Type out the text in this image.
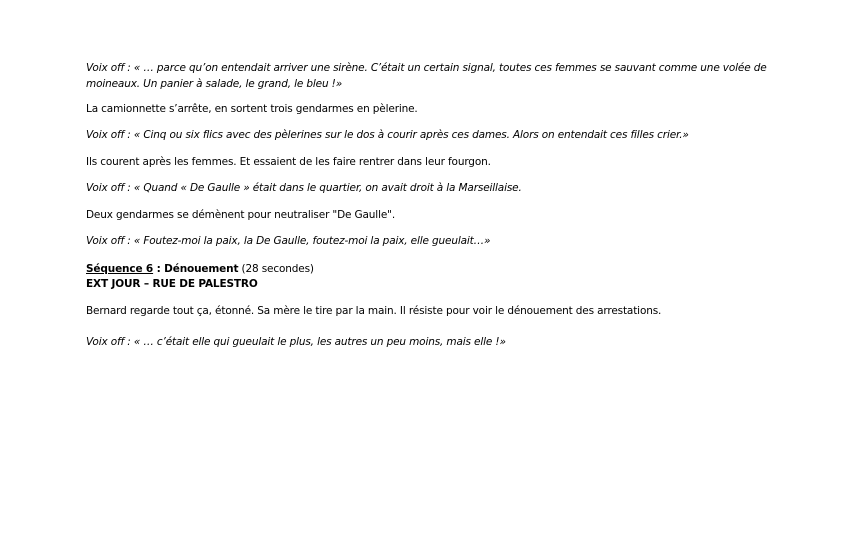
Voix off : « … parce qu’on entendait arriver une sirène. C’était un certain signal, toutes ces femmes se sauvant comme une volée de moineaux. Un panier à salade, le grand, le bleu !»
La camionnette s’arrête, en sortent trois gendarmes en pèlerine.
Voix off : « Cinq ou six flics avec des pèlerines sur le dos à courir après ces dames. Alors on entendait ces filles crier.»
Ils courent après les femmes. Et essaient de les faire rentrer dans leur fourgon.
Voix off : « Quand « De Gaulle » était dans le quartier, on avait droit à la Marseillaise.
Deux gendarmes se démènent pour neutraliser "De Gaulle".
Voix off : « Foutez-moi la paix, la De Gaulle, foutez-moi la paix, elle gueulait…»
Séquence 6 : Dénouement (28 secondes)
EXT JOUR – RUE DE PALESTRO
Bernard regarde tout ça, étonné. Sa mère le tire par la main. Il résiste pour voir le dénouement des arrestations.
Voix off : « … c’était elle qui gueulait le plus, les autres un peu moins, mais elle !»
